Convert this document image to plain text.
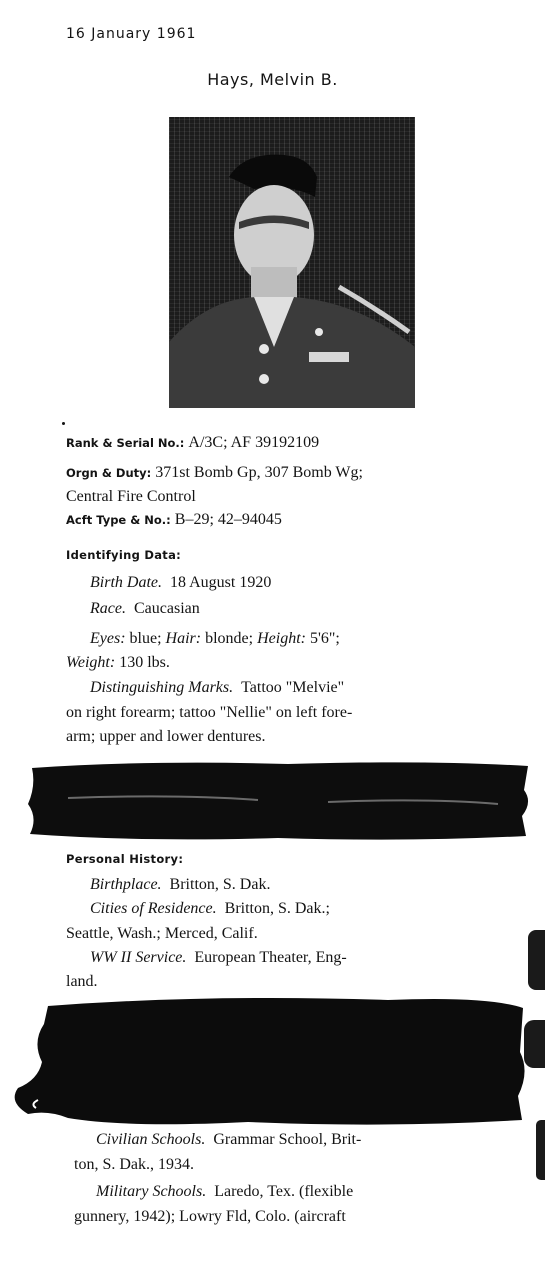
16 January 1961
Hays, Melvin B.
Rank & Serial No.: A/3C; AF 39192109
Orgn & Duty: 371st Bomb Gp, 307 Bomb Wg;
Central Fire Control
Acft Type & No.: B–29; 42–94045
Identifying Data:
Birth Date. 18 August 1920
Race. Caucasian
Eyes: blue; Hair: blonde; Height: 5'6";
Weight: 130 lbs.
Distinguishing Marks. Tattoo "Melvie"
on right forearm; tattoo "Nellie" on left fore-
arm; upper and lower dentures.
Personal History:
Birthplace. Britton, S. Dak.
Cities of Residence. Britton, S. Dak.;
Seattle, Wash.; Merced, Calif.
WW II Service. European Theater, Eng-
land.
Civilian Schools. Grammar School, Brit-
ton, S. Dak., 1934.
Military Schools. Laredo, Tex. (flexible
gunnery, 1942); Lowry Fld, Colo. (aircraft
